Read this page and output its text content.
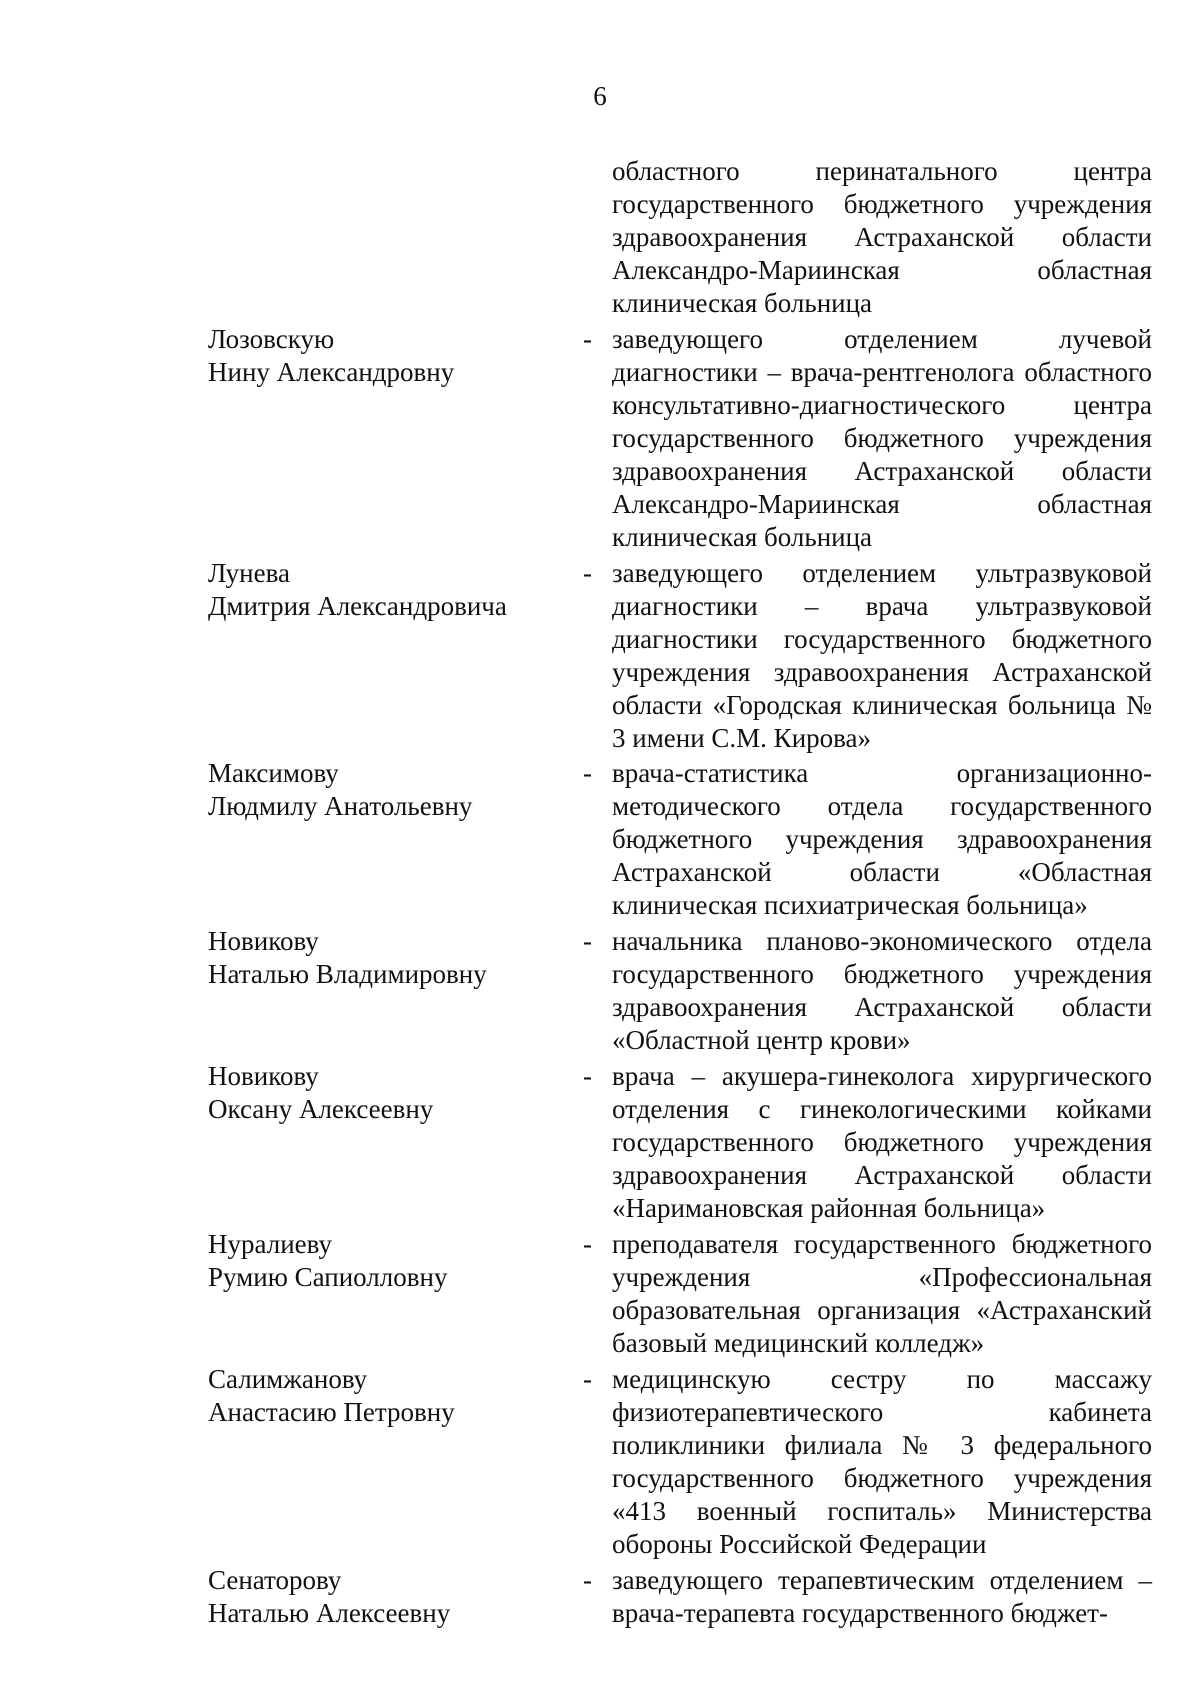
6
областного перинатального центра государственного бюджетного учреждения здравоохранения Астраханской области Александро-Мариинская областная клиническая больница
Лозовскую
Нину Александровну
- заведующего отделением лучевой диагностики – врача-рентгенолога областного консультативно-диагностического центра государственного бюджетного учреждения здравоохранения Астраханской области Александро-Мариинская областная клиническая больница
Лунева
Дмитрия Александровича
- заведующего отделением ультразвуковой диагностики – врача ультразвуковой диагностики государственного бюджетного учреждения здравоохранения Астраханской области «Городская клиническая больница № 3 имени С.М. Кирова»
Максимову
Людмилу Анатольевну
- врача-статистика организационно-методического отдела государственного бюджетного учреждения здравоохранения Астраханской области «Областная клиническая психиатрическая больница»
Новикову
Наталью Владимировну
- начальника планово-экономического отдела государственного бюджетного учреждения здравоохранения Астраханской области «Областной центр крови»
Новикову
Оксану Алексеевну
- врача – акушера-гинеколога хирургического отделения с гинекологическими койками государственного бюджетного учреждения здравоохранения Астраханской области «Наримановская районная больница»
Нуралиеву
Румию Сапиолловну
- преподавателя государственного бюджетного учреждения «Профессиональная образовательная организация «Астраханский базовый медицинский колледж»
Салимжанову
Анастасию Петровну
- медицинскую сестру по массажу физиотерапевтического кабинета поликлиники филиала № 3 федерального государственного бюджетного учреждения «413 военный госпиталь» Министерства обороны Российской Федерации
Сенаторову
Наталью Алексеевну
- заведующего терапевтическим отделением – врача-терапевта государственного бюджет-
